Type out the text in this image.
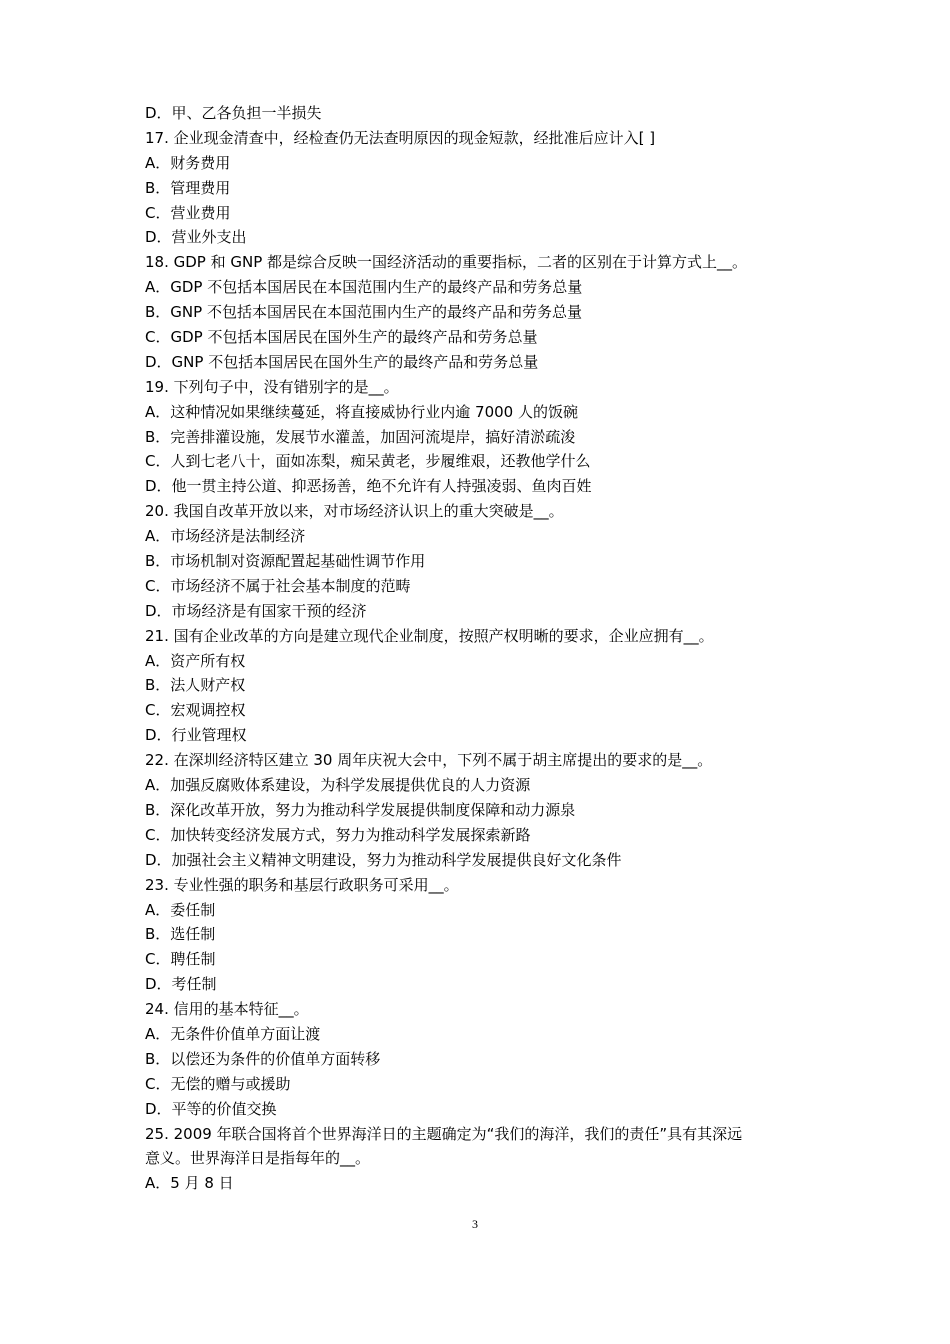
D．甲、乙各负担一半损失
17. 企业现金清查中，经检查仍无法查明原因的现金短款，经批准后应计入[ ]
A．财务费用
B．管理费用
C．营业费用
D．营业外支出
18. GDP 和 GNP 都是综合反映一国经济活动的重要指标，二者的区别在于计算方式上__。
A．GDP 不包括本国居民在本国范围内生产的最终产品和劳务总量
B．GNP 不包括本国居民在本国范围内生产的最终产品和劳务总量
C．GDP 不包括本国居民在国外生产的最终产品和劳务总量
D．GNP 不包括本国居民在国外生产的最终产品和劳务总量
19. 下列句子中，没有错别字的是__。
A．这种情况如果继续蔓延，将直接威协行业内逾 7000 人的饭碗
B．完善排灌设施，发展节水灌盖，加固河流堤岸，搞好清淤疏浚
C．人到七老八十，面如冻梨，痴呆黄老，步履维艰，还教他学什么
D．他一贯主持公道、抑恶扬善，绝不允许有人持强凌弱、鱼肉百姓
20. 我国自改革开放以来，对市场经济认识上的重大突破是__。
A．市场经济是法制经济
B．市场机制对资源配置起基础性调节作用
C．市场经济不属于社会基本制度的范畴
D．市场经济是有国家干预的经济
21. 国有企业改革的方向是建立现代企业制度，按照产权明晰的要求，企业应拥有__。
A．资产所有权
B．法人财产权
C．宏观调控权
D．行业管理权
22. 在深圳经济特区建立 30 周年庆祝大会中，下列不属于胡主席提出的要求的是__。
A．加强反腐败体系建设，为科学发展提供优良的人力资源
B．深化改革开放，努力为推动科学发展提供制度保障和动力源泉
C．加快转变经济发展方式，努力为推动科学发展探索新路
D．加强社会主义精神文明建设，努力为推动科学发展提供良好文化条件
23. 专业性强的职务和基层行政职务可采用__。
A．委任制
B．选任制
C．聘任制
D．考任制
24. 信用的基本特征__。
A．无条件价值单方面让渡
B．以偿还为条件的价值单方面转移
C．无偿的赠与或援助
D．平等的价值交换
25. 2009 年联合国将首个世界海洋日的主题确定为“我们的海洋，我们的责任”具有其深远
意义。世界海洋日是指每年的__。
A．5 月 8 日
3
